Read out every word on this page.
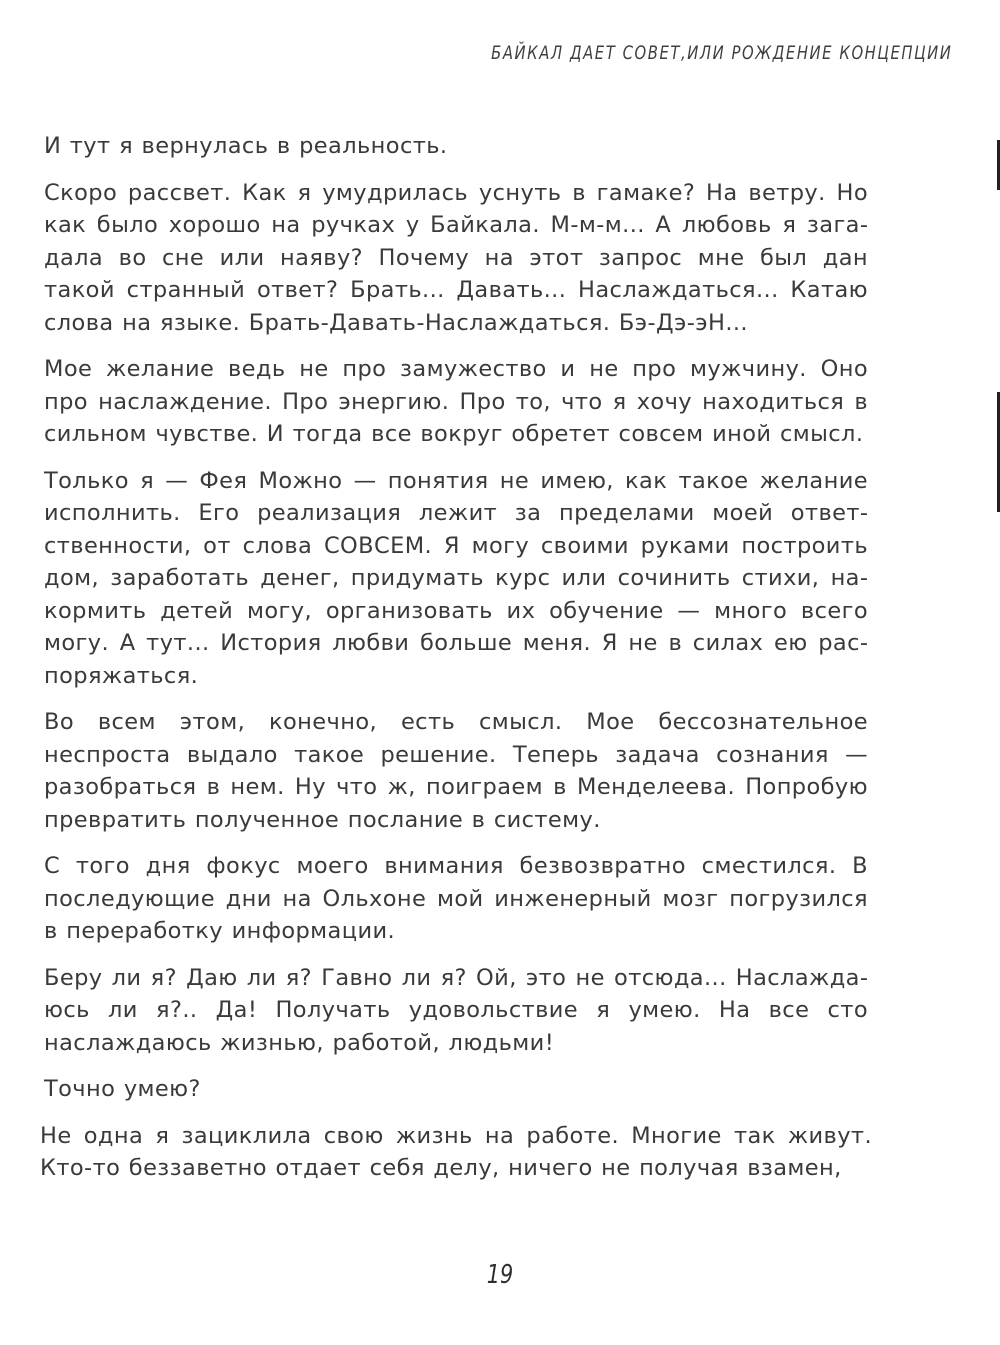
БАЙКАЛ ДАЕТ СОВЕТ,ИЛИ РОЖДЕНИЕ КОНЦЕПЦИИ

И тут я вернулась в реальность.

Скоро рассвет. Как я умудрилась уснуть в гамаке? На ветру. Но как было хорошо на ручках у Байкала. М-м-м... А любовь я загадала во сне или наяву? Почему на этот запрос мне был дан такой странный ответ? Брать... Давать... Наслаждаться... Катаю слова на языке. Брать-Давать-Наслаждаться. Бэ-Дэ-эН...

Мое желание ведь не про замужество и не про мужчину. Оно про наслаждение. Про энергию. Про то, что я хочу находиться в сильном чувстве. И тогда все вокруг обретет совсем иной смысл.

Только я — Фея Можно — понятия не имею, как такое желание исполнить. Его реализация лежит за пределами моей ответственности, от слова СОВСЕМ. Я могу своими руками построить дом, заработать денег, придумать курс или сочинить стихи, накормить детей могу, организовать их обучение — много всего могу. А тут... История любви больше меня. Я не в силах ею распоряжаться.

Во всем этом, конечно, есть смысл. Мое бессознательное неспроста выдало такое решение. Теперь задача сознания — разобраться в нем. Ну что ж, поиграем в Менделеева. Попробую превратить полученное послание в систему.

С того дня фокус моего внимания безвозвратно сместился. В последующие дни на Ольхоне мой инженерный мозг погрузился в переработку информации.

Беру ли я? Даю ли я? Гавно ли я? Ой, это не отсюда... Наслаждаюсь ли я?.. Да! Получать удовольствие я умею. На все сто наслаждаюсь жизнью, работой, людьми!

Точно умею?

Не одна я зациклила свою жизнь на работе. Многие так живут. Кто-то беззаветно отдает себя делу, ничего не получая взамен,

19
